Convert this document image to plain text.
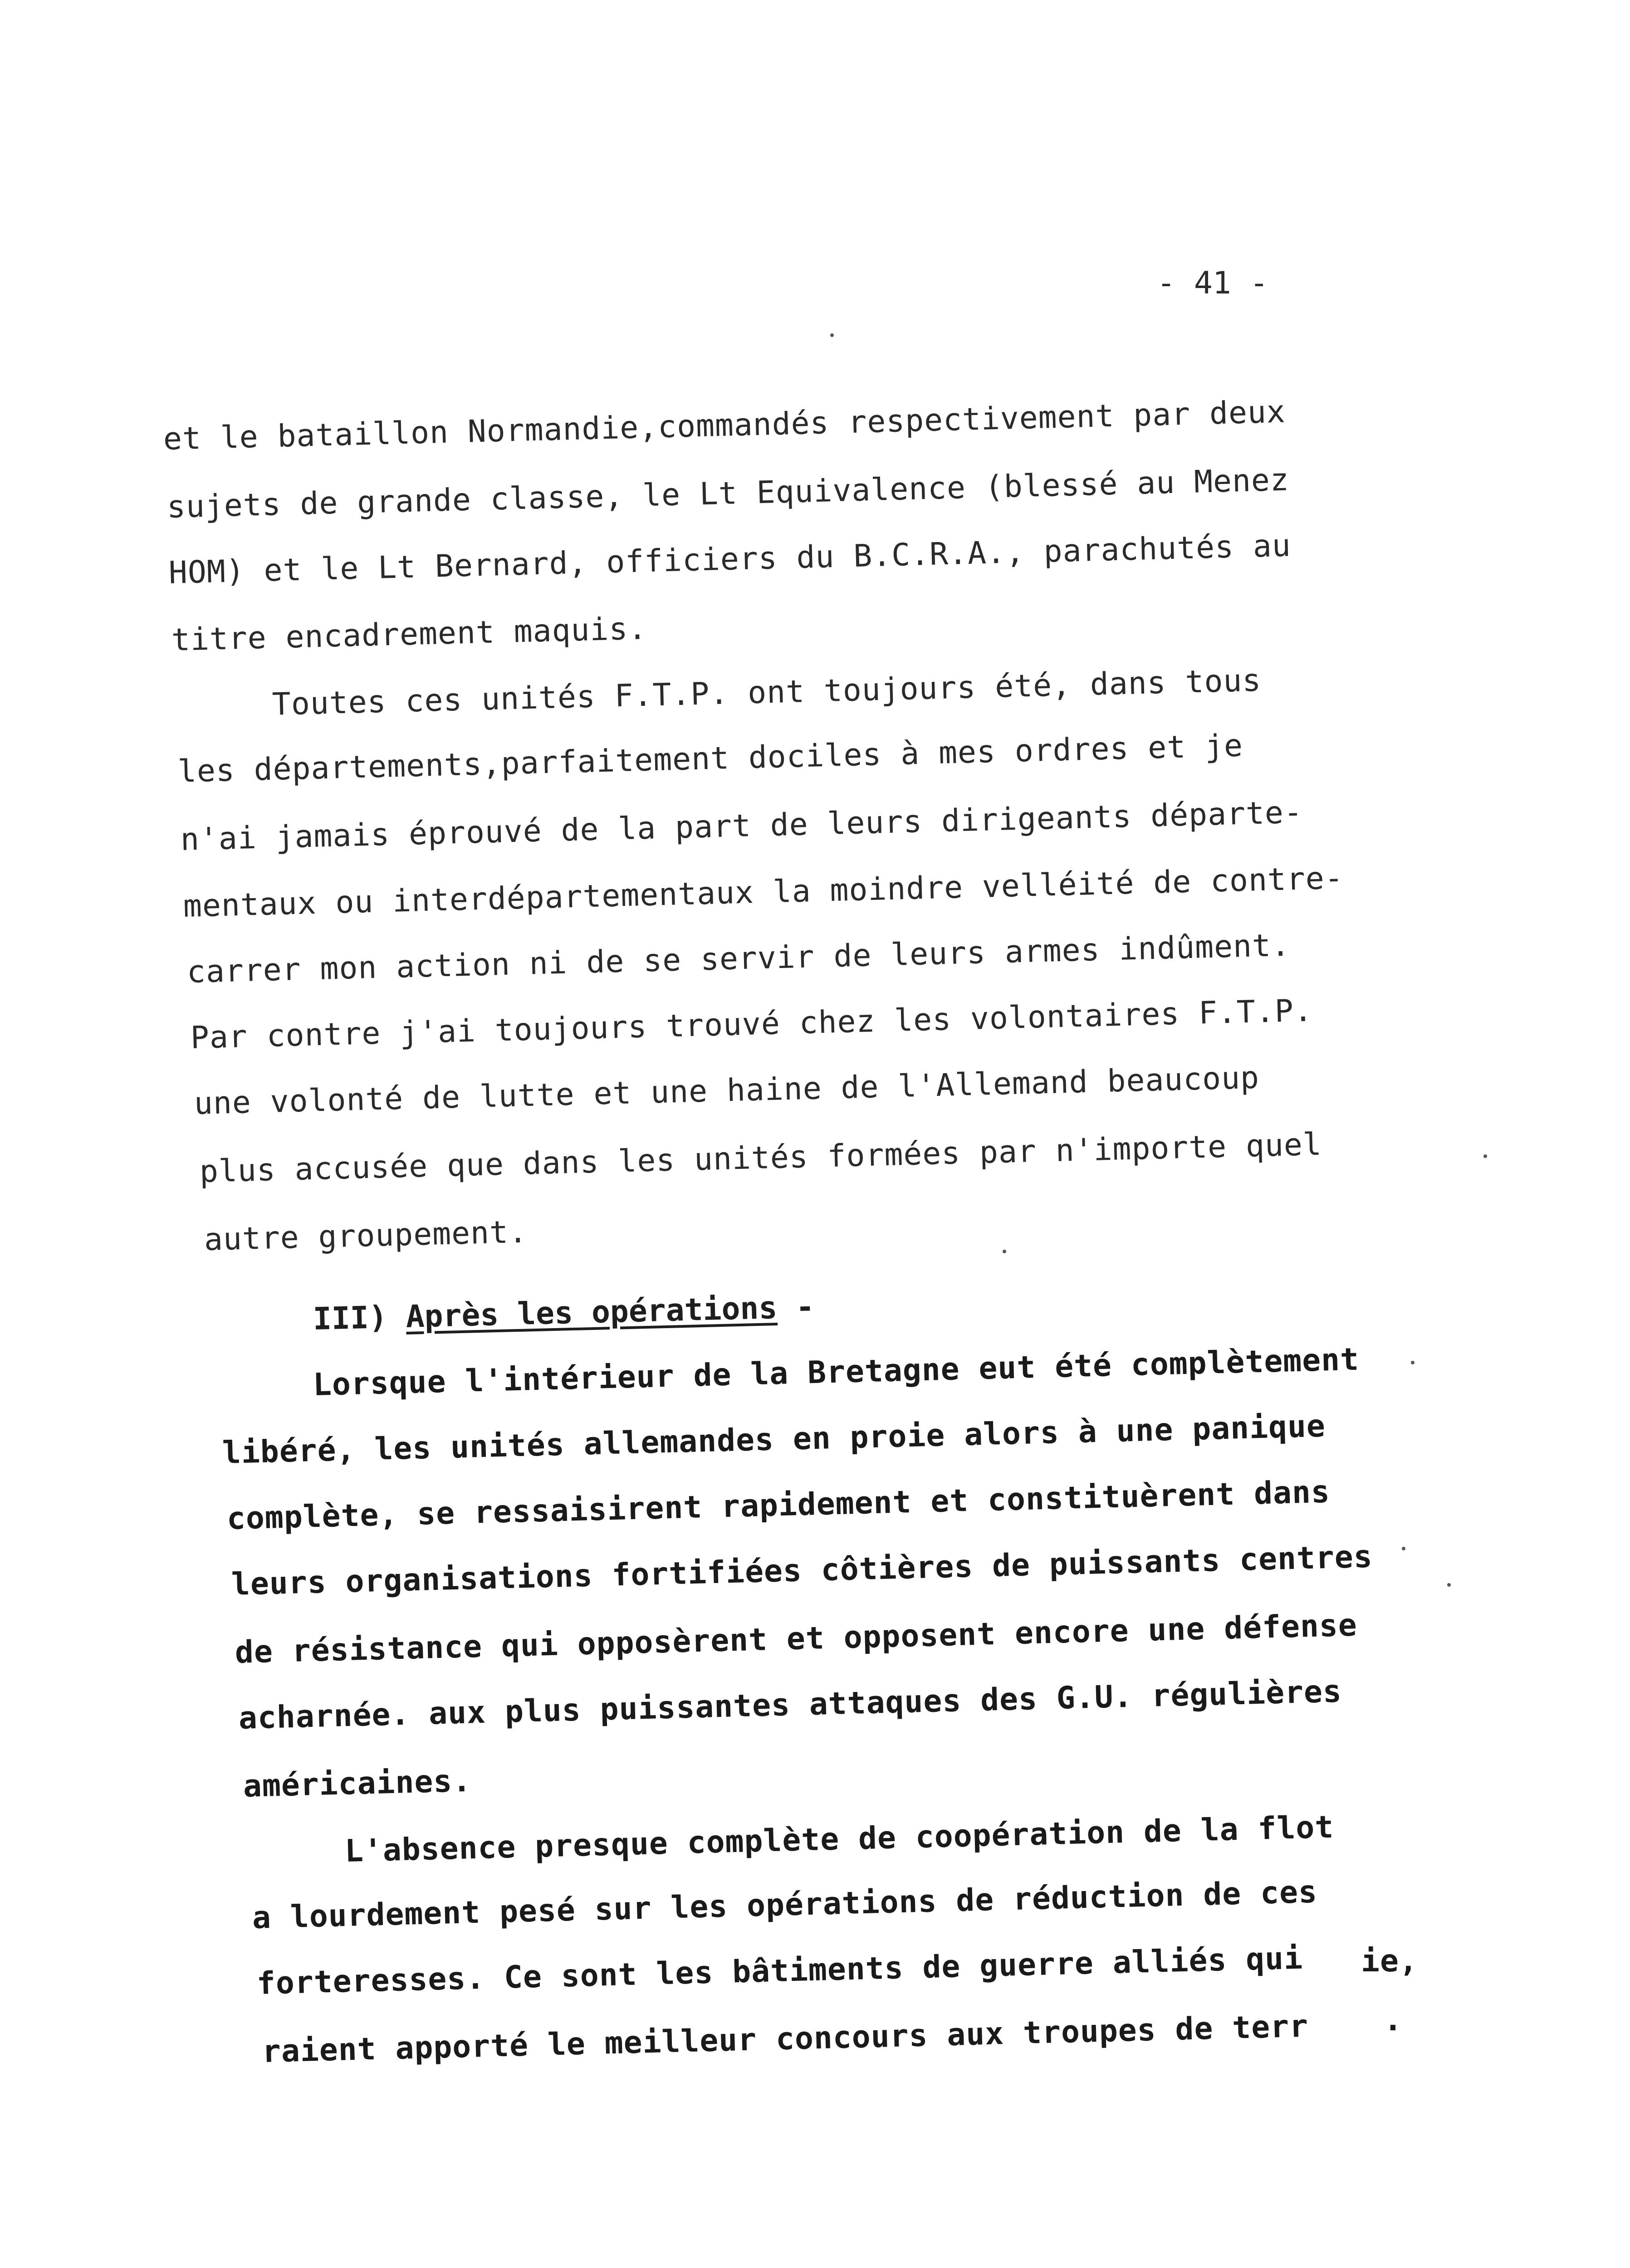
- 41 -
et le bataillon Normandie,commandés respectivement par deux
sujets de grande classe, le Lt Equivalence (blessé au Menez
HOM) et le Lt Bernard, officiers du B.C.R.A., parachutés au
titre encadrement maquis.
Toutes ces unités F.T.P. ont toujours été, dans tous
les départements,parfaitement dociles à mes ordres et je
n'ai jamais éprouvé de la part de leurs dirigeants départe-
mentaux ou interdépartementaux la moindre velléité de contre-
carrer mon action ni de se servir de leurs armes indûment.
Par contre j'ai toujours trouvé chez les volontaires F.T.P.
une volonté de lutte et une haine de l'Allemand beaucoup
plus accusée que dans les unités formées par n'importe quel
autre groupement.
III) Après les opérations -
Lorsque l'intérieur de la Bretagne eut été complètement
libéré, les unités allemandes en proie alors à une panique
complète, se ressaisirent rapidement et constituèrent dans
leurs organisations fortifiées côtières de puissants centres
de résistance qui opposèrent et opposent encore une défense
acharnée. aux plus puissantes attaques des G.U. régulières
américaines.
L'absence presque complète de coopération de la flot
a lourdement pesé sur les opérations de réduction de ces
forteresses. Ce sont les bâtiments de guerre alliés qui
raient apporté le meilleur concours aux troupes de terr
ie,
.
